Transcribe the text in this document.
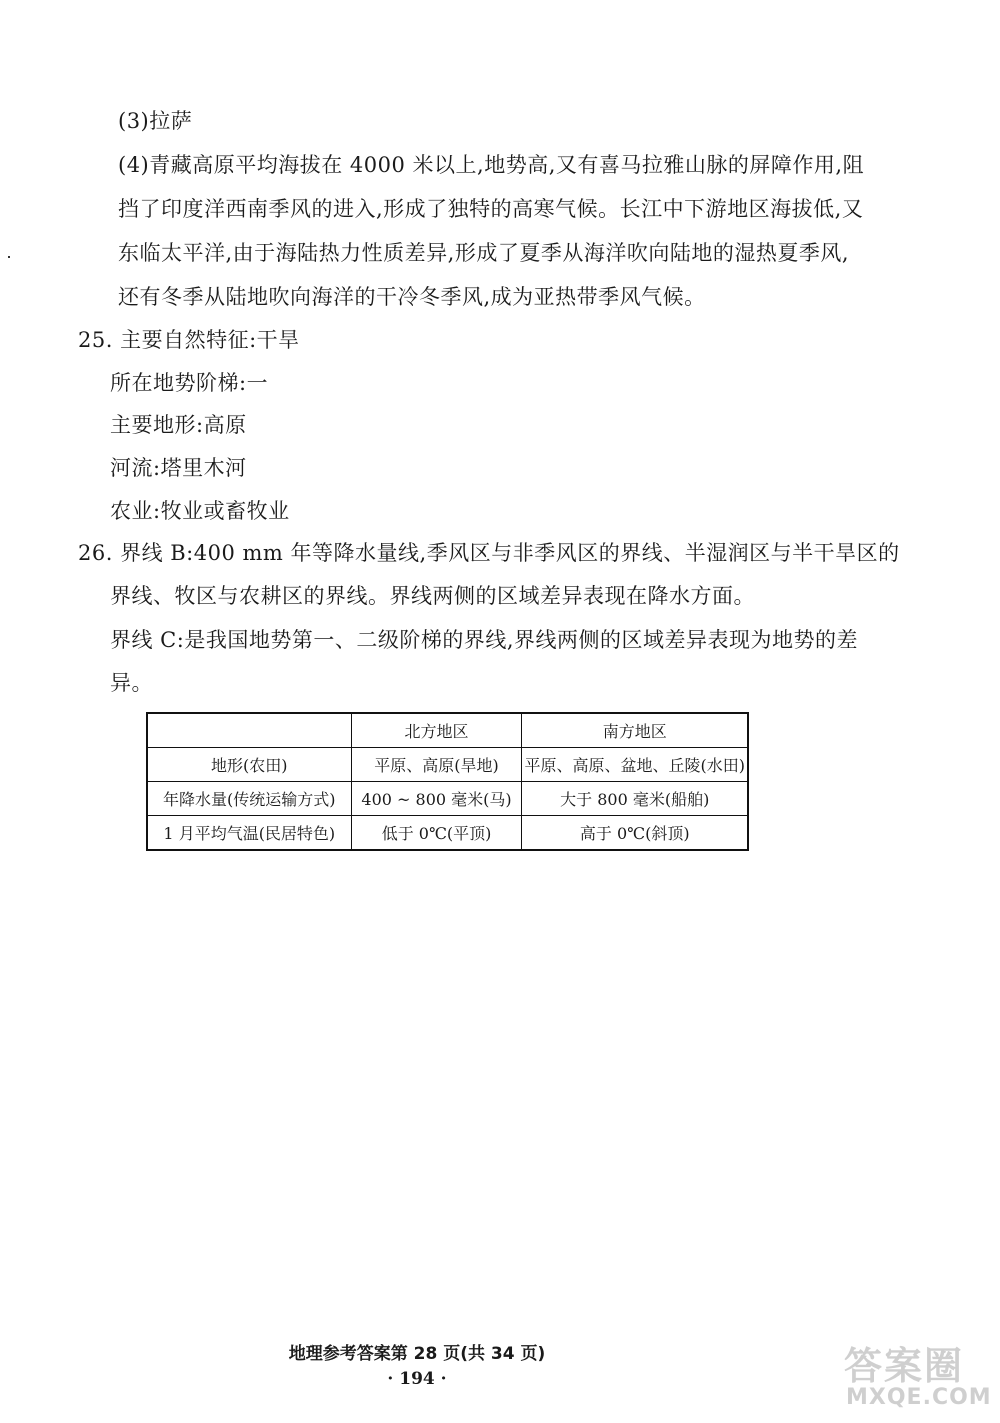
(3)拉萨
(4)青藏高原平均海拔在 4000 米以上,地势高,又有喜马拉雅山脉的屏障作用,阻
挡了印度洋西南季风的进入,形成了独特的高寒气候。长江中下游地区海拔低,又
东临太平洋,由于海陆热力性质差异,形成了夏季从海洋吹向陆地的湿热夏季风,
还有冬季从陆地吹向海洋的干冷冬季风,成为亚热带季风气候。
25. 主要自然特征:干旱
所在地势阶梯:一
主要地形:高原
河流:塔里木河
农业:牧业或畜牧业
26. 界线 B:400 mm 年等降水量线,季风区与非季风区的界线、半湿润区与半干旱区的
界线、牧区与农耕区的界线。界线两侧的区域差异表现在降水方面。
界线 C:是我国地势第一、二级阶梯的界线,界线两侧的区域差异表现为地势的差
异。
	北方地区	南方地区
地形(农田)	平原、高原(旱地)	平原、高原、盆地、丘陵(水田)
年降水量(传统运输方式)	400 ~ 800 毫米(马)	大于 800 毫米(船舶)
1 月平均气温(民居特色)	低于 0℃(平顶)	高于 0℃(斜顶)
地理参考答案第 28 页(共 34 页)
· 194 ·	答案圈
MXQE.COM
